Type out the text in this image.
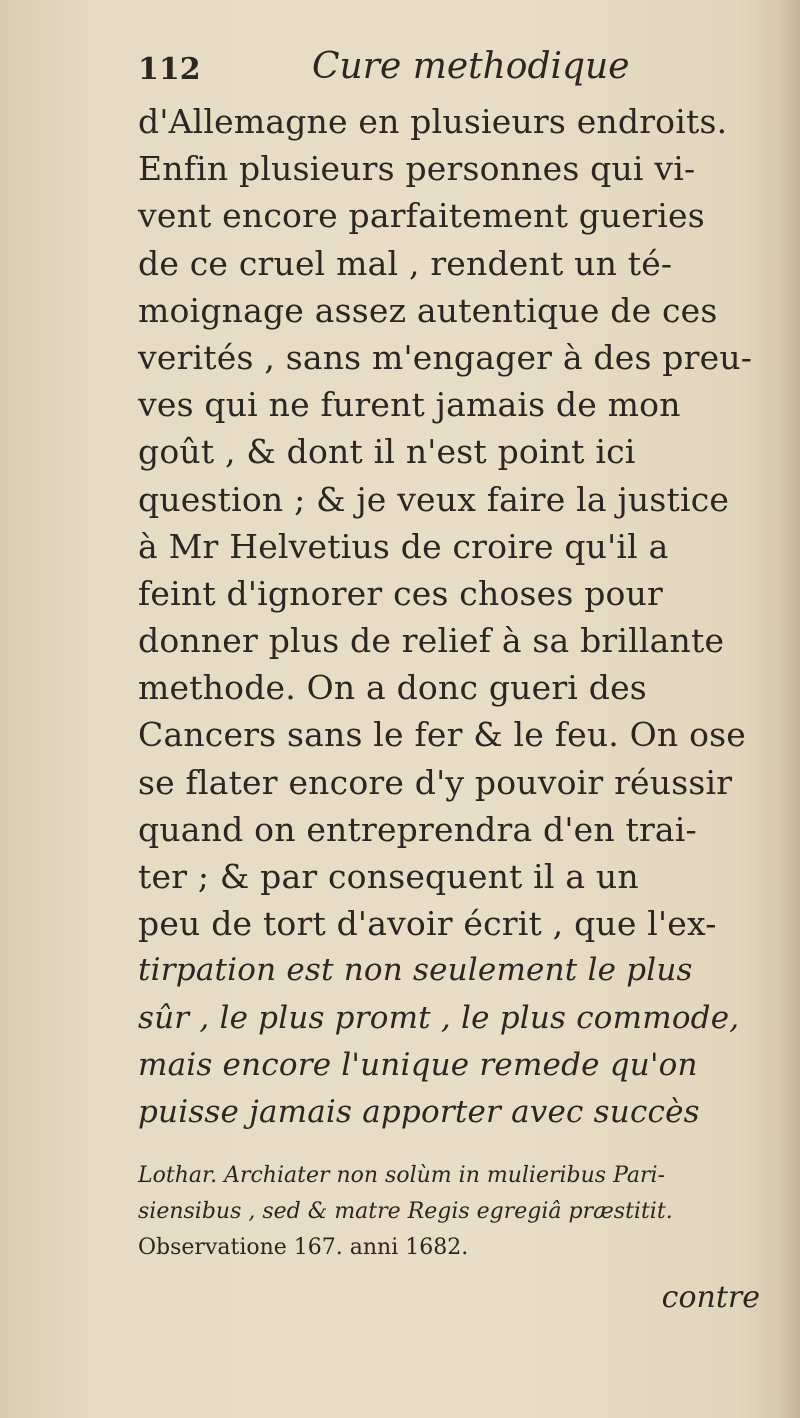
112	Cure methodique
d'Allemagne en plusieurs endroits.
Enfin plusieurs personnes qui vi-
vent encore parfaitement gueries
de ce cruel mal , rendent un té-
moignage assez autentique de ces
verités , sans m'engager à des preu-
ves qui ne furent jamais de mon
goût , & dont il n'est point ici
question ; & je veux faire la justice
à Mr Helvetius de croire qu'il a
feint d'ignorer ces choses pour
donner plus de relief à sa brillante
methode. On a donc gueri des
Cancers sans le fer & le feu. On ose
se flater encore d'y pouvoir réussir
quand on entreprendra d'en trai-
ter ; & par consequent il a un
peu de tort d'avoir écrit , que l'ex-
tirpation est non seulement le plus
sûr , le plus promt , le plus commode,
mais encore l'unique remede qu'on
puisse jamais apporter avec succès
Lothar. Archiater non solùm in mulieribus Pari-
siensibus , sed & matre Regis egregiâ præstitit.
Observatione 167. anni 1682.
contre
